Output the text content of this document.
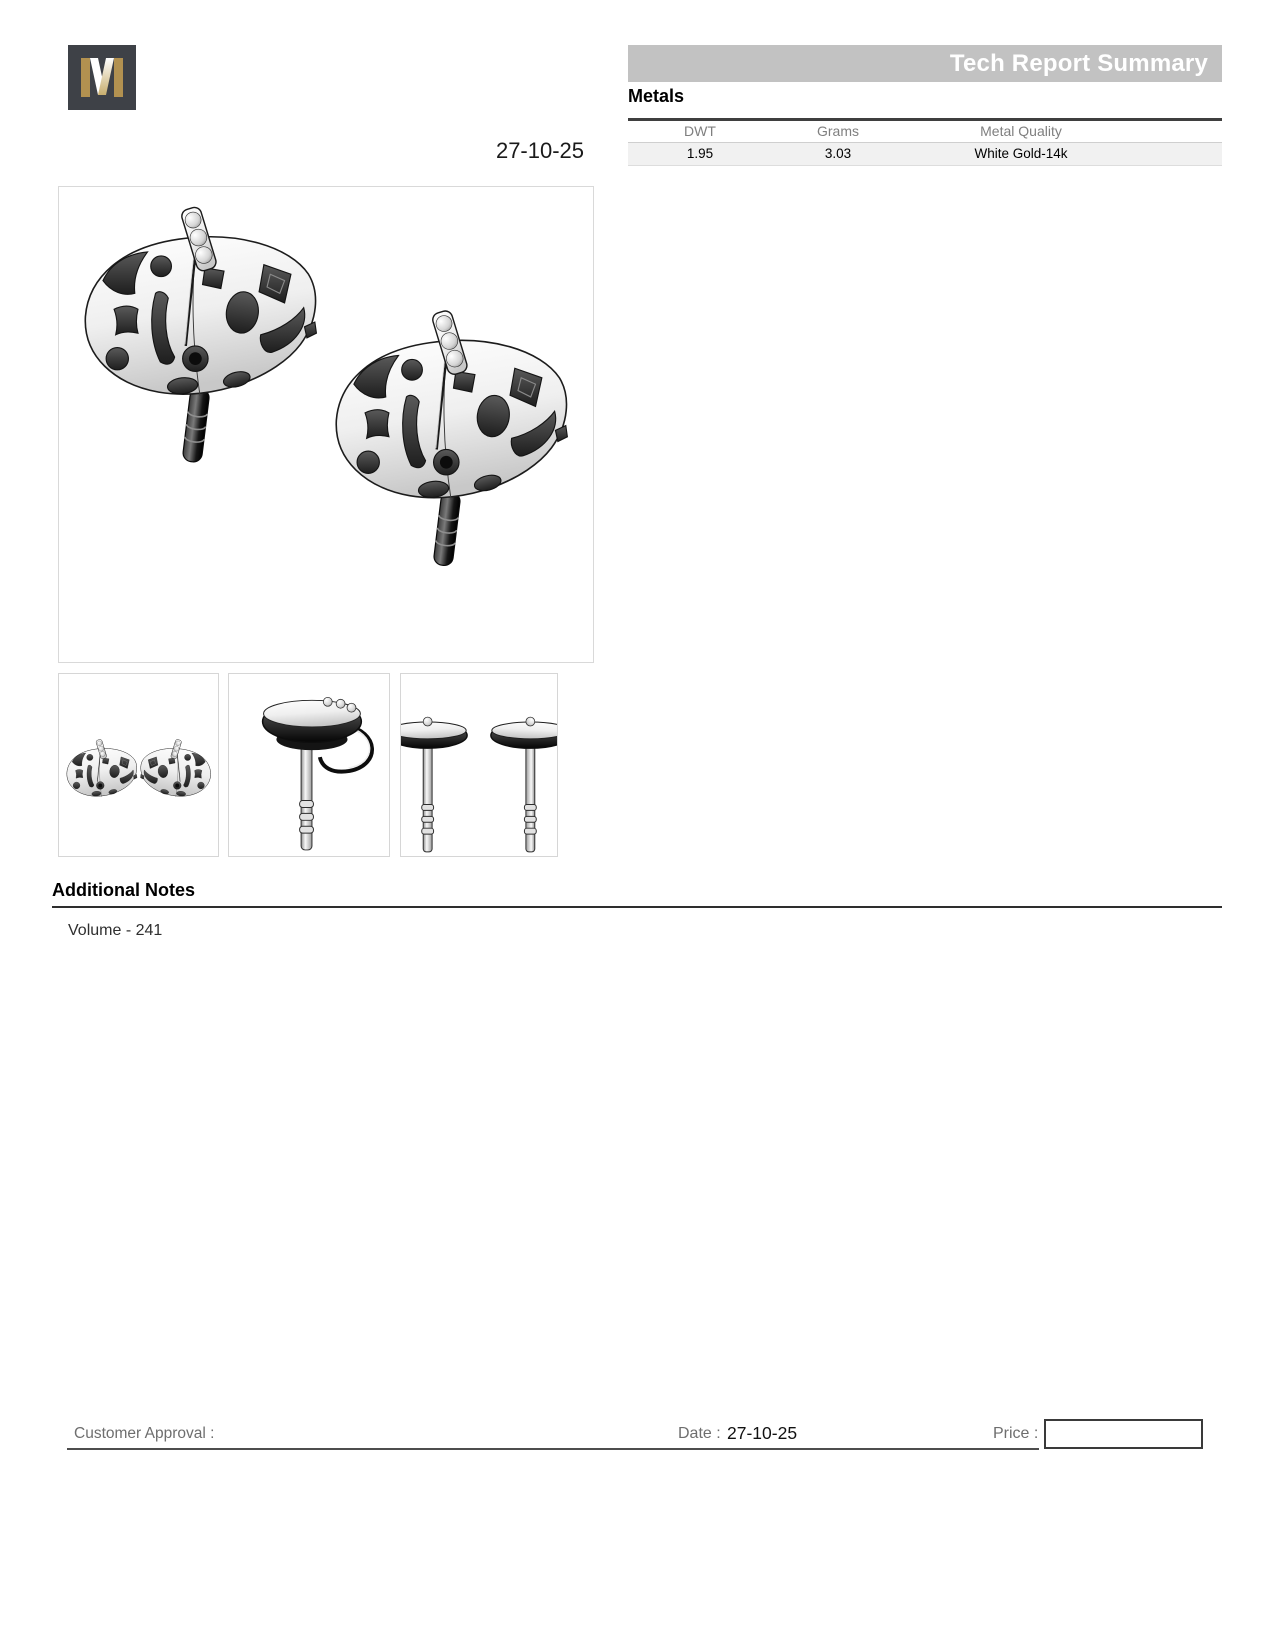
Tech Report Summary
Metals
DWT	Grams	Metal Quality	
1.95	3.03	White Gold-14k	
27-10-25
Additional Notes
Volume - 241
Customer Approval :	Date : 27-10-25	Price :
